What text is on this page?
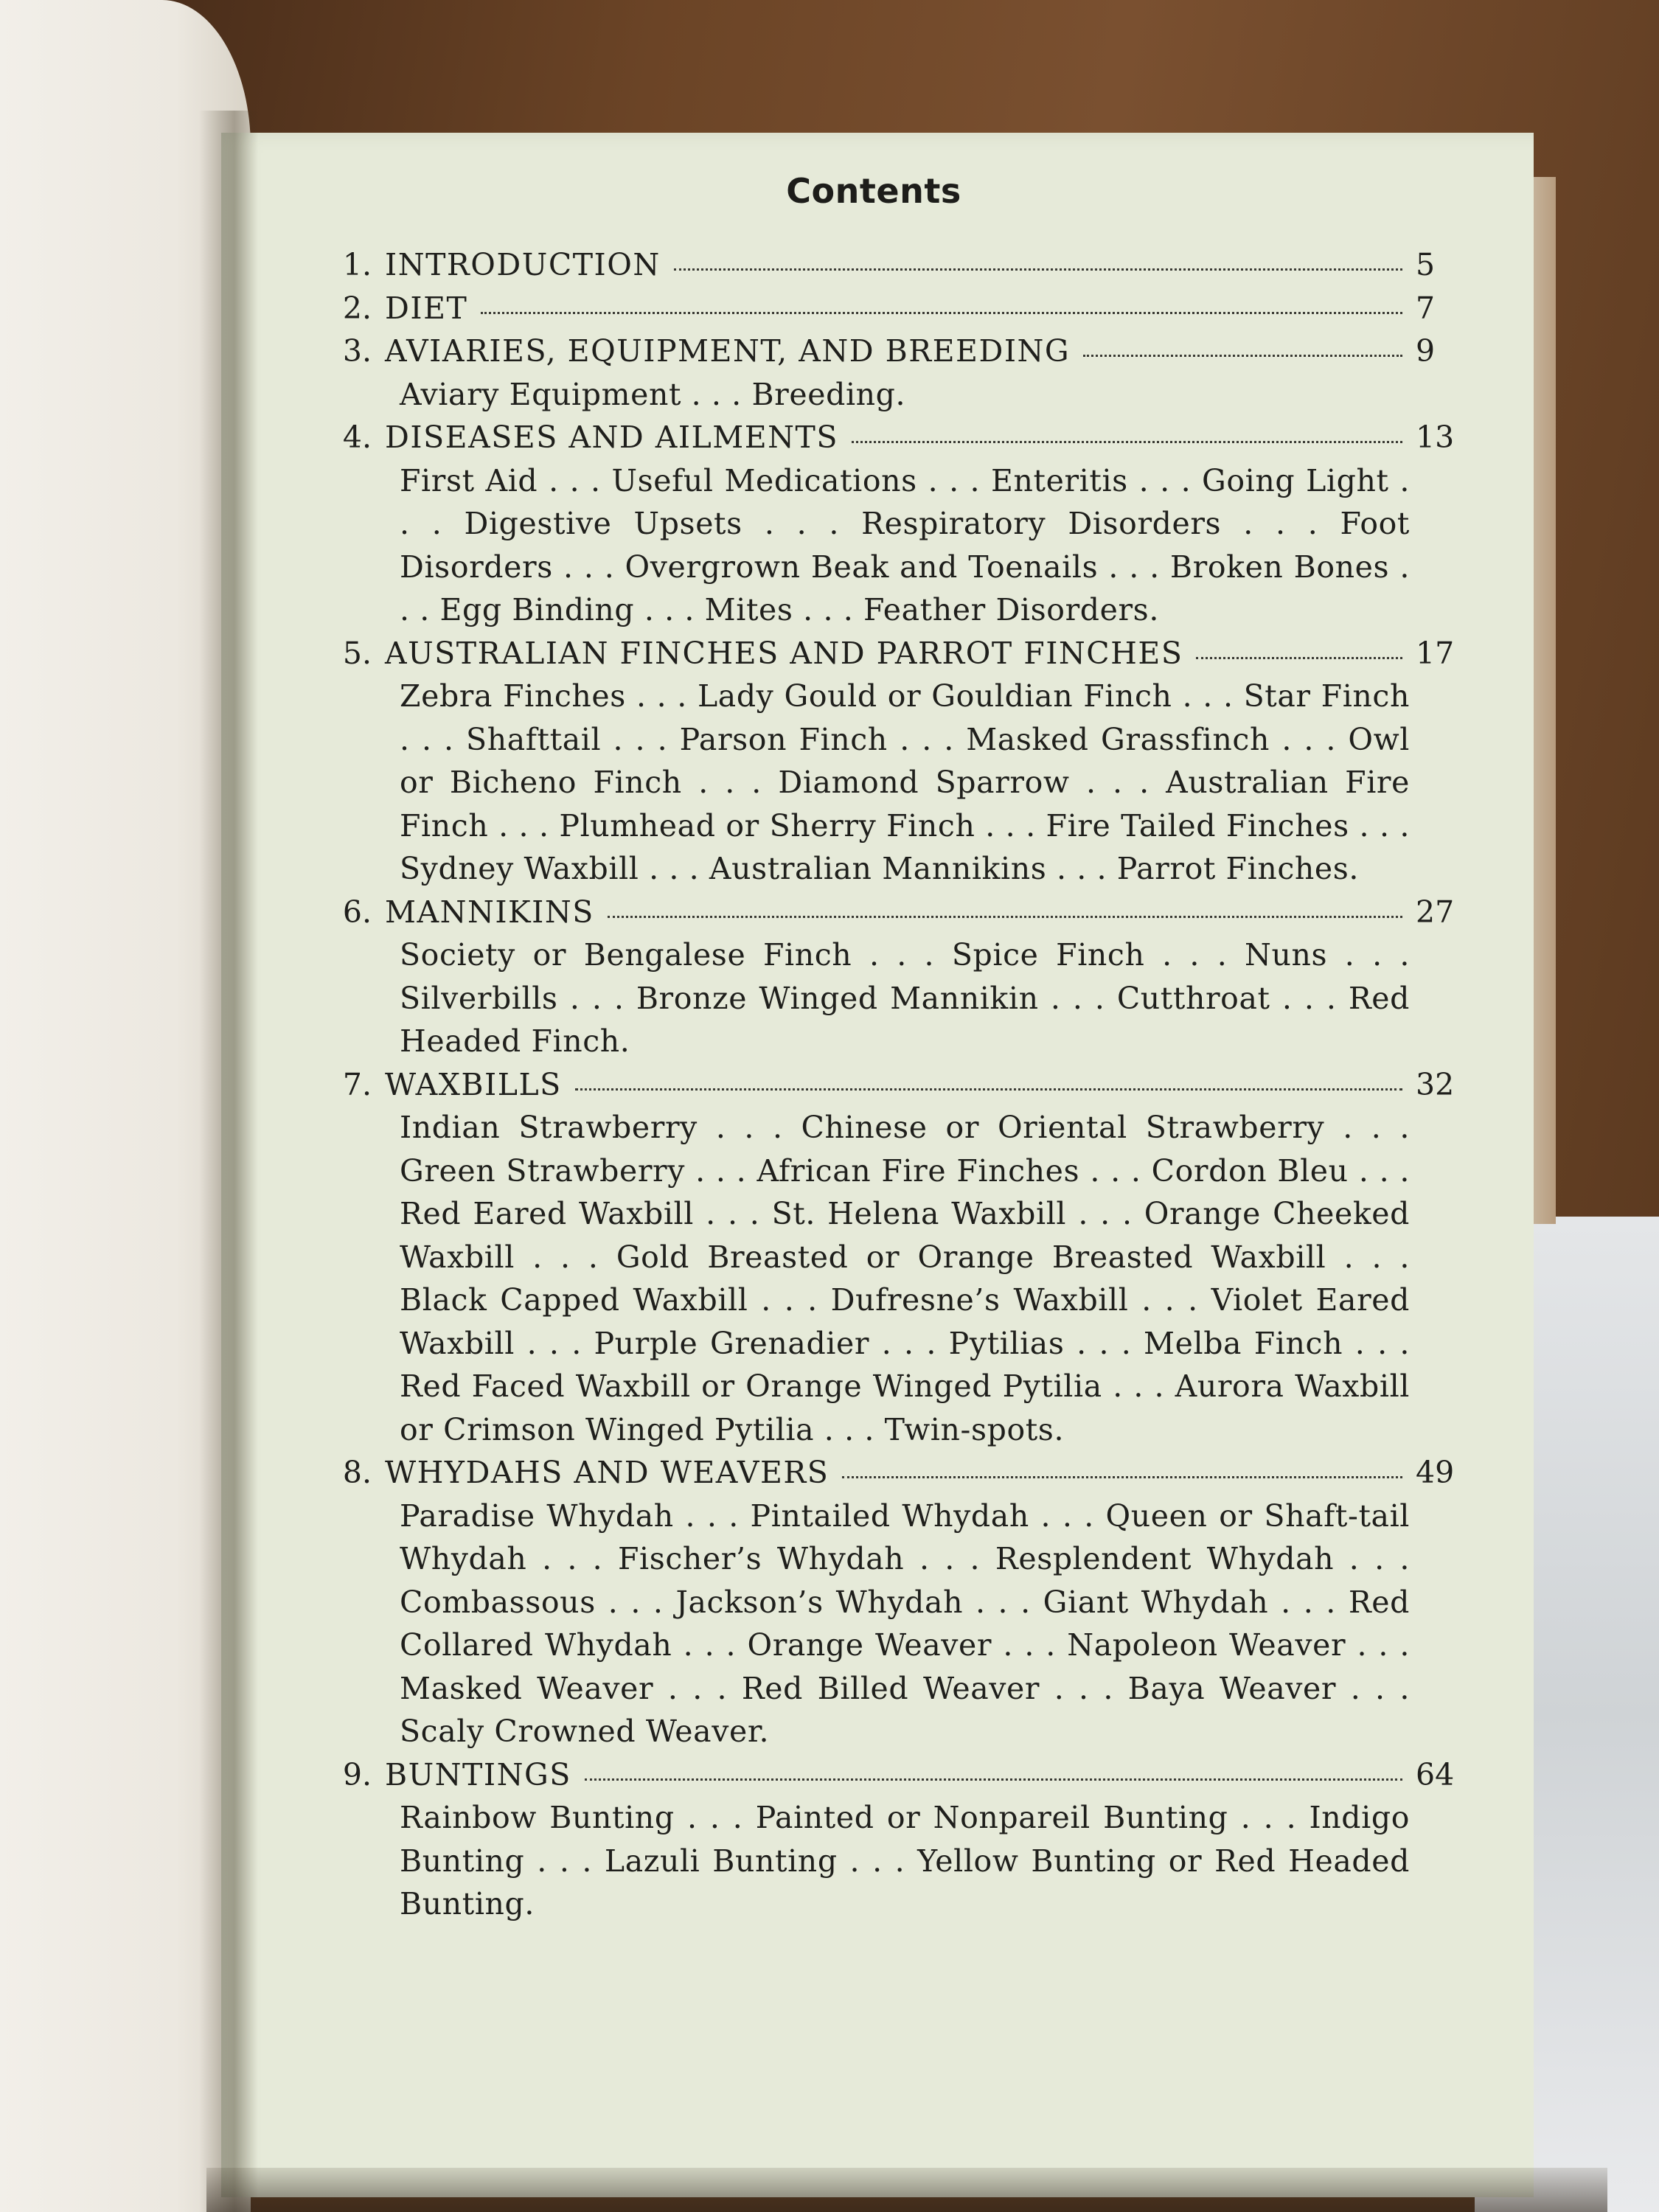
Contents
1. INTRODUCTION	5
2. DIET	7
3. AVIARIES, EQUIPMENT, AND BREEDING	9
Aviary Equipment . . . Breeding.
4. DISEASES AND AILMENTS	13
First Aid . . . Useful Medications . . . Enteritis . . . Going Light . . . Digestive Upsets . . . Respiratory Disorders . . . Foot Disorders . . . Overgrown Beak and Toenails . . . Broken Bones . . . Egg Binding . . . Mites . . . Feather Disorders.
5. AUSTRALIAN FINCHES AND PARROT FINCHES	17
Zebra Finches . . . Lady Gould or Gouldian Finch . . . Star Finch . . . Shafttail . . . Parson Finch . . . Masked Grassfinch . . . Owl or Bicheno Finch . . . Diamond Sparrow . . . Australian Fire Finch . . . Plumhead or Sherry Finch . . . Fire Tailed Finches . . . Sydney Waxbill . . . Australian Mannikins . . . Parrot Finches.
6. MANNIKINS	27
Society or Bengalese Finch . . . Spice Finch . . . Nuns . . . Silverbills . . . Bronze Winged Mannikin . . . Cutthroat . . . Red Headed Finch.
7. WAXBILLS	32
Indian Strawberry . . . Chinese or Oriental Strawberry . . . Green Strawberry . . . African Fire Finches . . . Cordon Bleu . . . Red Eared Waxbill . . . St. Helena Waxbill . . . Orange Cheeked Waxbill . . . Gold Breasted or Orange Breasted Waxbill . . . Black Capped Waxbill . . . Dufresne’s Waxbill . . . Violet Eared Waxbill . . . Purple Grenadier . . . Pytilias . . . Melba Finch . . . Red Faced Waxbill or Orange Winged Pytilia . . . Aurora Waxbill or Crimson Winged Pytilia . . . Twin-spots.
8. WHYDAHS AND WEAVERS	49
Paradise Whydah . . . Pintailed Whydah . . . Queen or Shaft-tail Whydah . . . Fischer’s Whydah . . . Resplendent Whydah . . . Combassous . . . Jackson’s Whydah . . . Giant Whydah . . . Red Collared Whydah . . . Orange Weaver . . . Napoleon Weaver . . . Masked Weaver . . . Red Billed Weaver . . . Baya Weaver . . . Scaly Crowned Weaver.
9. BUNTINGS	64
Rainbow Bunting . . . Painted or Nonpareil Bunting . . . Indigo Bunting . . . Lazuli Bunting . . . Yellow Bunting or Red Headed Bunting.
